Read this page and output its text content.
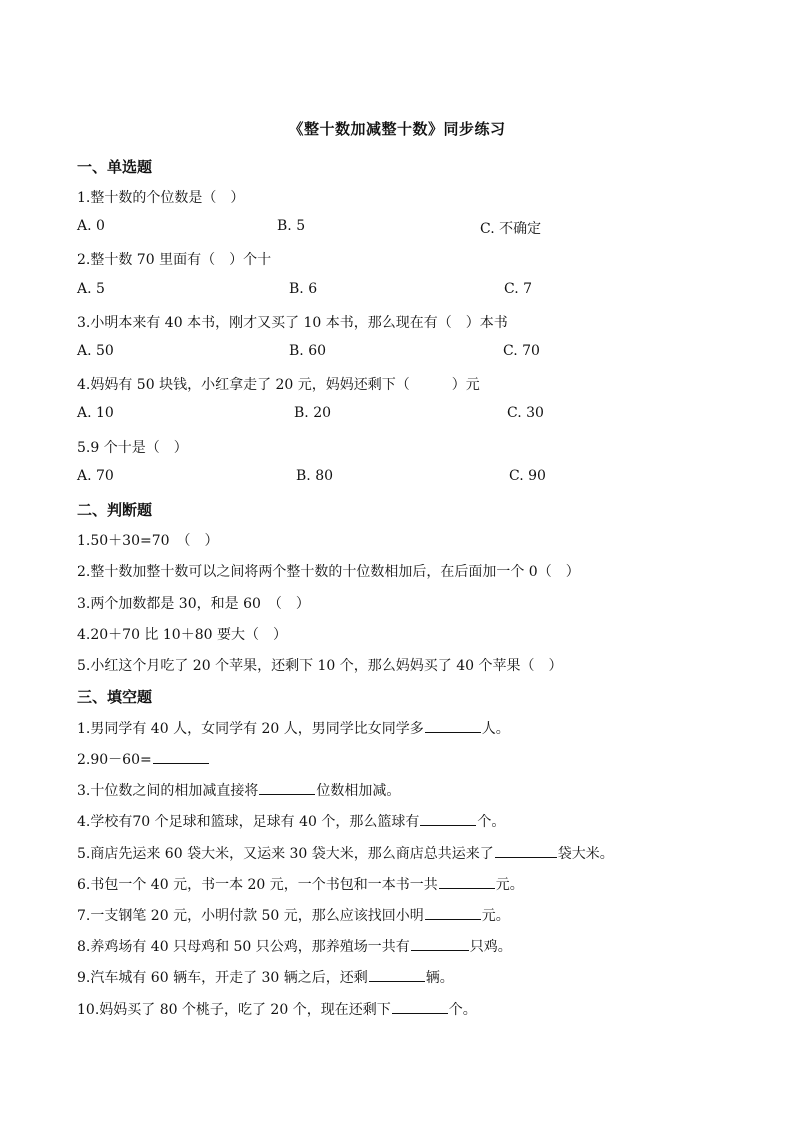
《整十数加减整十数》同步练习
一、单选题
1.整十数的个位数是（　）
A. 0	B. 5	C. 不确定
2.整十数 70 里面有（　）个十
A. 5	B. 6	C. 7
3.小明本来有 40 本书，刚才又买了 10 本书，那么现在有（　）本书
A. 50	B. 60	C. 70
4.妈妈有 50 块钱，小红拿走了 20 元，妈妈还剩下（　　　）元
A. 10	B. 20	C. 30
5.9 个十是（　）
A. 70	B. 80	C. 90
二、判断题
1.50＋30=70　（　）
2.整十数加整十数可以之间将两个整十数的十位数相加后，在后面加一个 0（　）
3.两个加数都是 30，和是 60　（　）
4.20＋70 比 10＋80 要大（　）
5.小红这个月吃了 20 个苹果，还剩下 10 个，那么妈妈买了 40 个苹果（　）
三、填空题
1.男同学有 40 人，女同学有 20 人，男同学比女同学多	人。
2.90－60=
3.十位数之间的相加减直接将	位数相加减。
4.学校有70 个足球和篮球，足球有 40 个，那么篮球有	个。
5.商店先运来 60 袋大米，又运来 30 袋大米，那么商店总共运来了	袋大米。
6.书包一个 40 元，书一本 20 元，一个书包和一本书一共	元。
7.一支钢笔 20 元，小明付款 50 元，那么应该找回小明	元。
8.养鸡场有 40 只母鸡和 50 只公鸡，那养殖场一共有	只鸡。
9.汽车城有 60 辆车，开走了 30 辆之后，还剩	辆。
10.妈妈买了 80 个桃子，吃了 20 个，现在还剩下	个。
